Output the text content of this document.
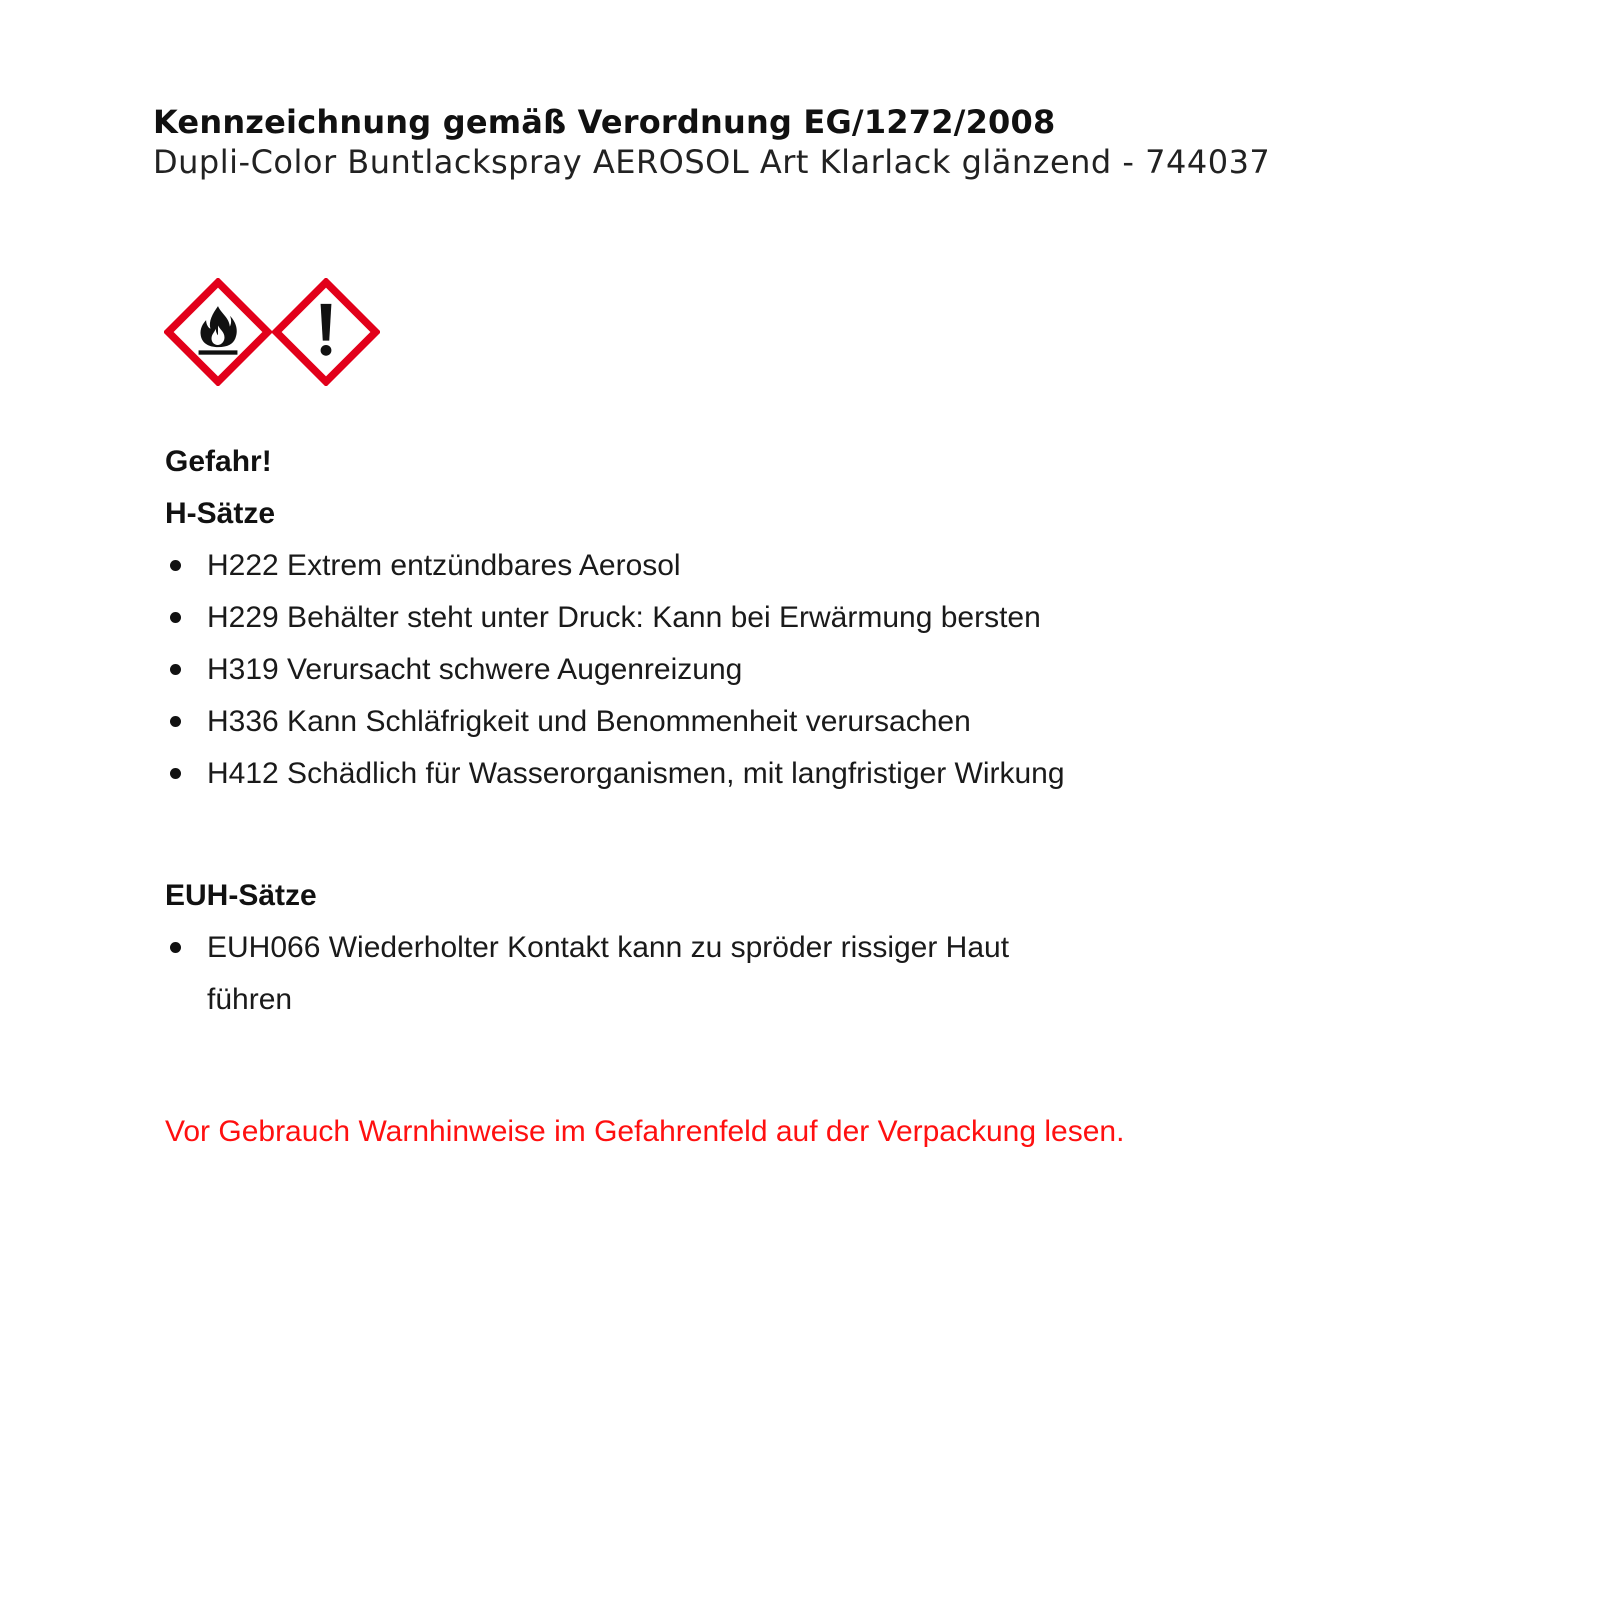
Kennzeichnung gemäß Verordnung EG/1272/2008
Dupli-Color Buntlackspray AEROSOL Art Klarlack glänzend - 744037
Gefahr!
H-Sätze
H222 Extrem entzündbares Aerosol
H229 Behälter steht unter Druck: Kann bei Erwärmung bersten
H319 Verursacht schwere Augenreizung
H336 Kann Schläfrigkeit und Benommenheit verursachen
H412 Schädlich für Wasserorganismen, mit langfristiger Wirkung
EUH-Sätze
EUH066 Wiederholter Kontakt kann zu spröder rissiger Haut führen
Vor Gebrauch Warnhinweise im Gefahrenfeld auf der Verpackung lesen.
